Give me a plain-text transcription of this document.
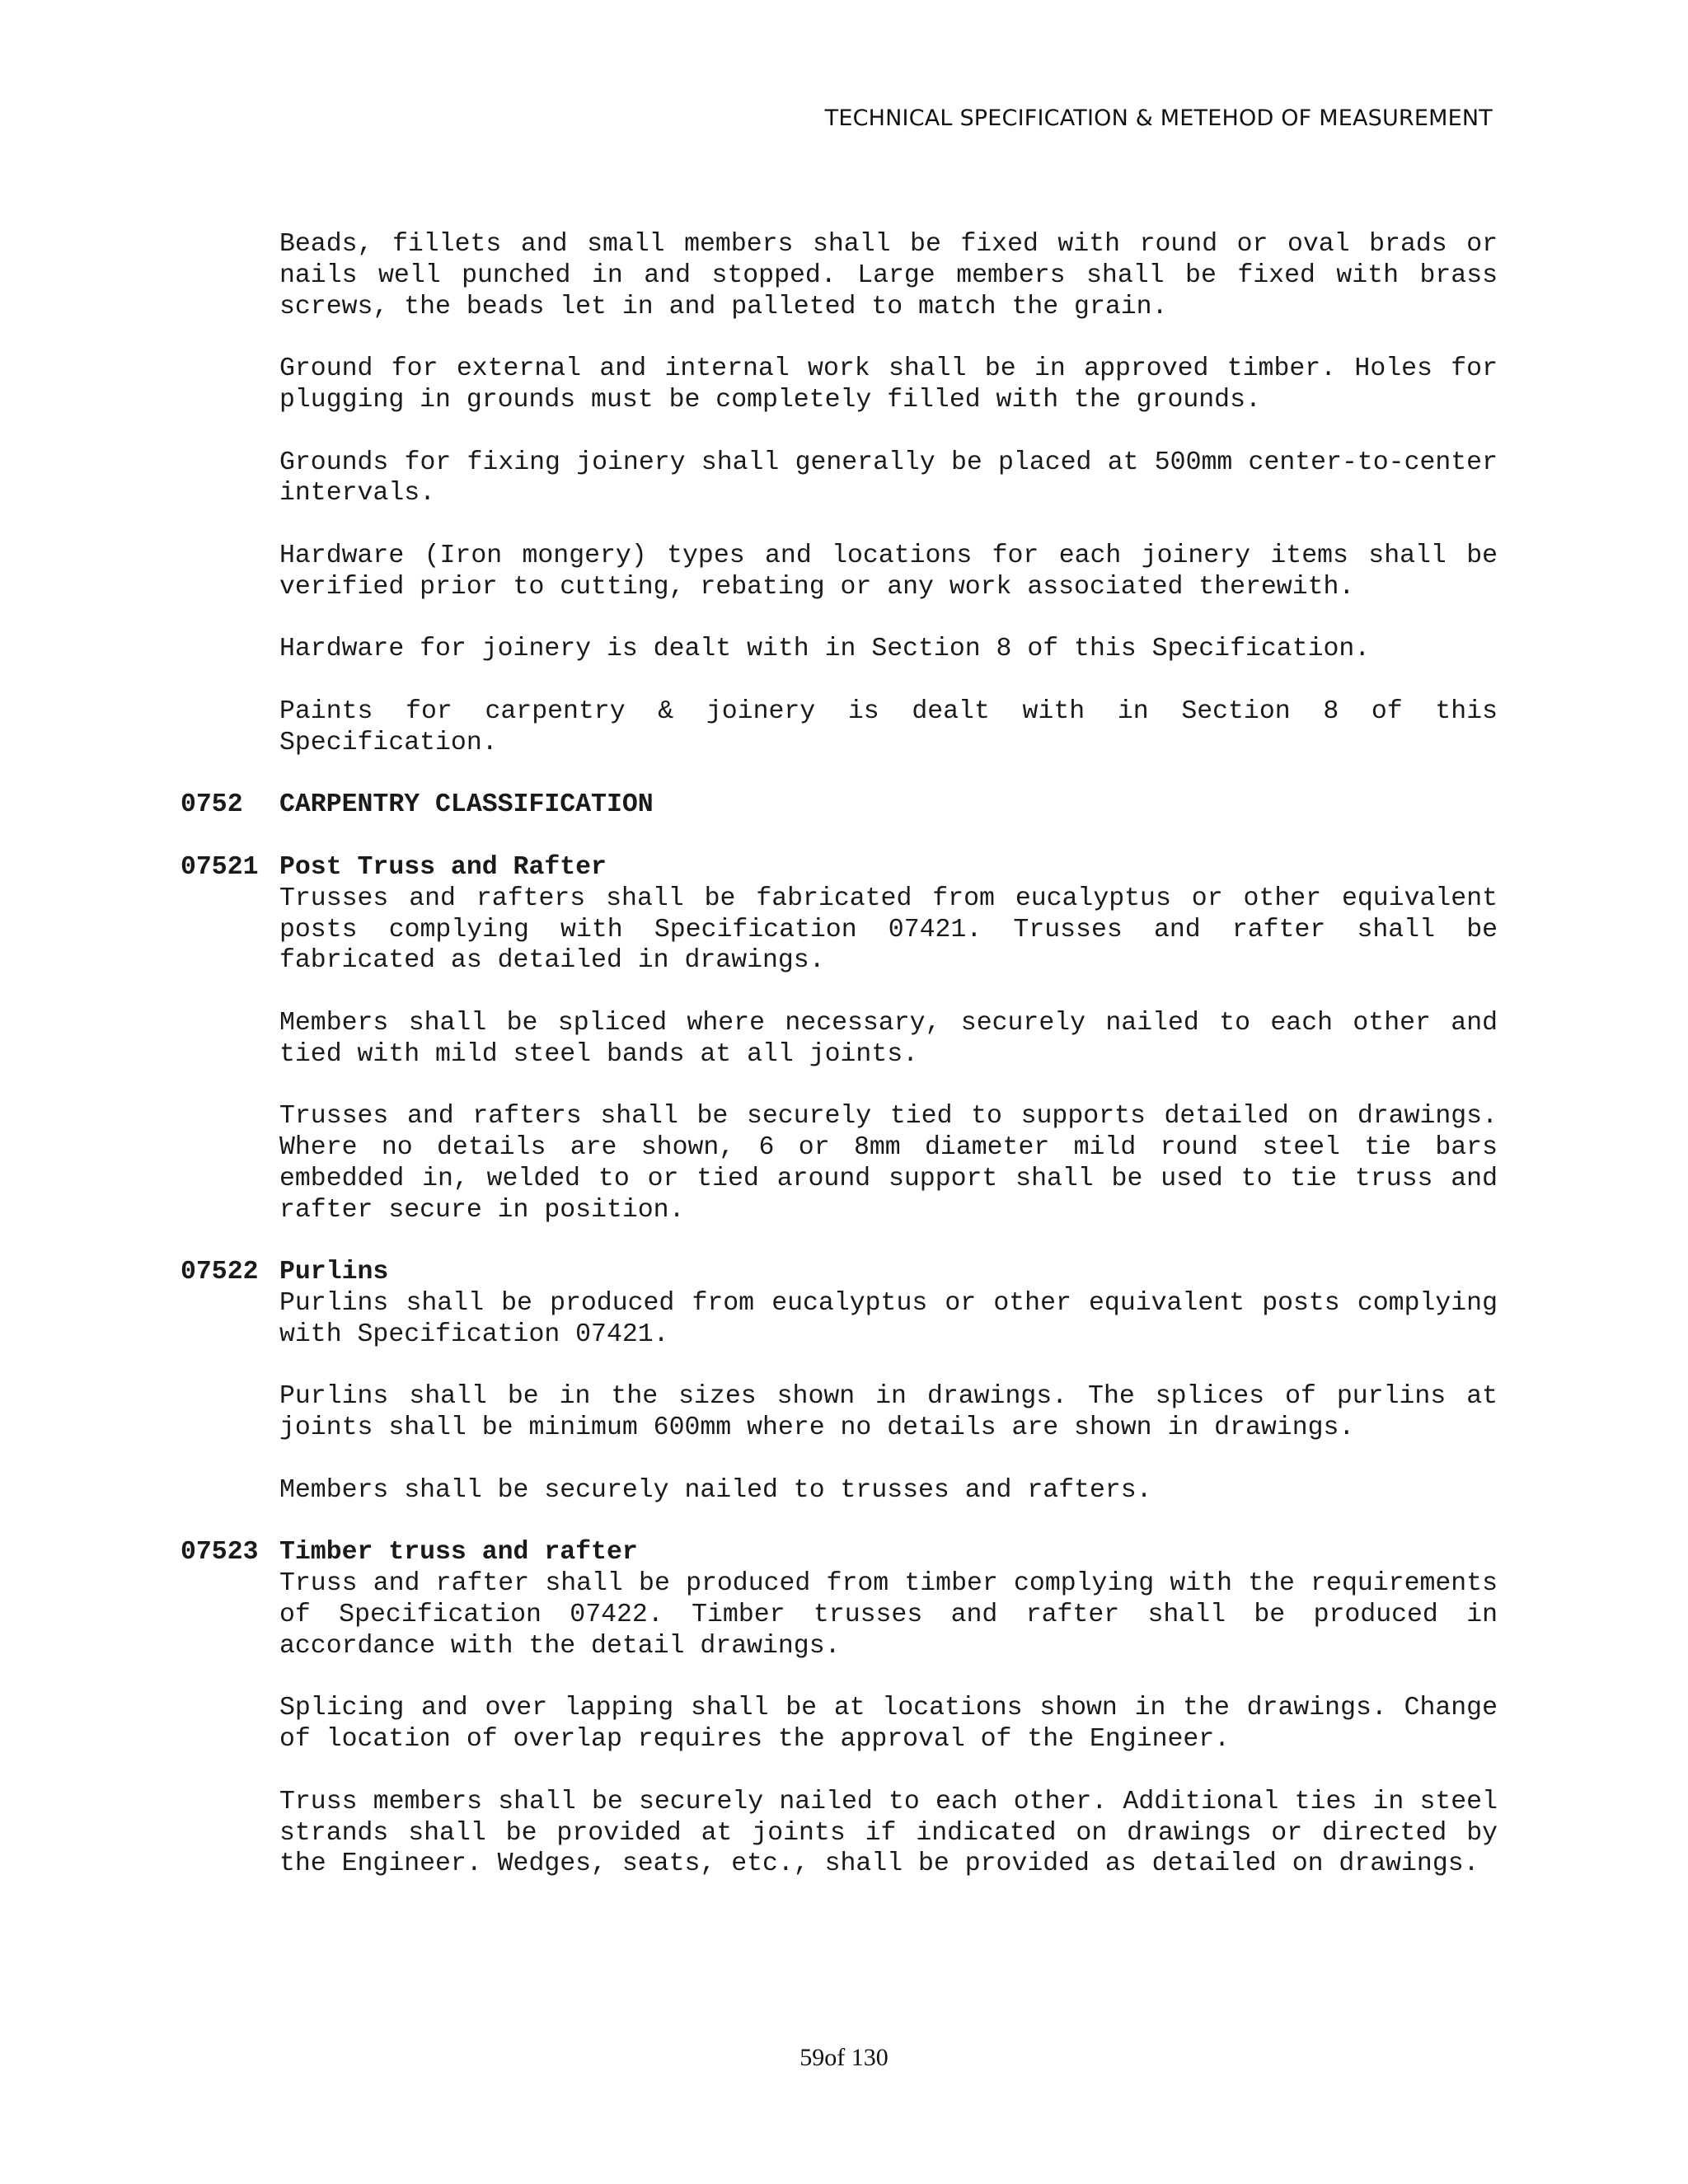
TECHNICAL SPECIFICATION & METEHOD OF MEASUREMENT

Beads, fillets and small members shall be fixed with round or oval brads or nails well punched in and stopped. Large members shall be fixed with brass screws, the beads let in and palleted to match the grain.

Ground for external and internal work shall be in approved timber. Holes for plugging in grounds must be completely filled with the grounds.

Grounds for fixing joinery shall generally be placed at 500mm center-to-center intervals.

Hardware (Iron mongery) types and locations for each joinery items shall be verified prior to cutting, rebating or any work associated therewith.

Hardware for joinery is dealt with in Section 8 of this Specification.

Paints for carpentry & joinery is dealt with in Section 8 of this Specification.

0752	CARPENTRY CLASSIFICATION
07521 Post Truss and Rafter

Trusses and rafters shall be fabricated from eucalyptus or other equivalent posts complying with Specification 07421. Trusses and rafter shall be fabricated as detailed in drawings.

Members shall be spliced where necessary, securely nailed to each other and tied with mild steel bands at all joints.

Trusses and rafters shall be securely tied to supports detailed on drawings. Where no details are shown, 6 or 8mm diameter mild round steel tie bars embedded in, welded to or tied around support shall be used to tie truss and rafter secure in position.

07522 Purlins

Purlins shall be produced from eucalyptus or other equivalent posts complying with Specification 07421.

Purlins shall be in the sizes shown in drawings. The splices of purlins at joints shall be minimum 600mm where no details are shown in drawings.

Members shall be securely nailed to trusses and rafters.

07523 Timber truss and rafter

Truss and rafter shall be produced from timber complying with the requirements of Specification 07422. Timber trusses and rafter shall be produced in accordance with the detail drawings.

Splicing and over lapping shall be at locations shown in the drawings. Change of location of overlap requires the approval of the Engineer.

Truss members shall be securely nailed to each other. Additional ties in steel strands shall be provided at joints if indicated on drawings or directed by the Engineer. Wedges, seats, etc., shall be provided as detailed on drawings.

59of 130
